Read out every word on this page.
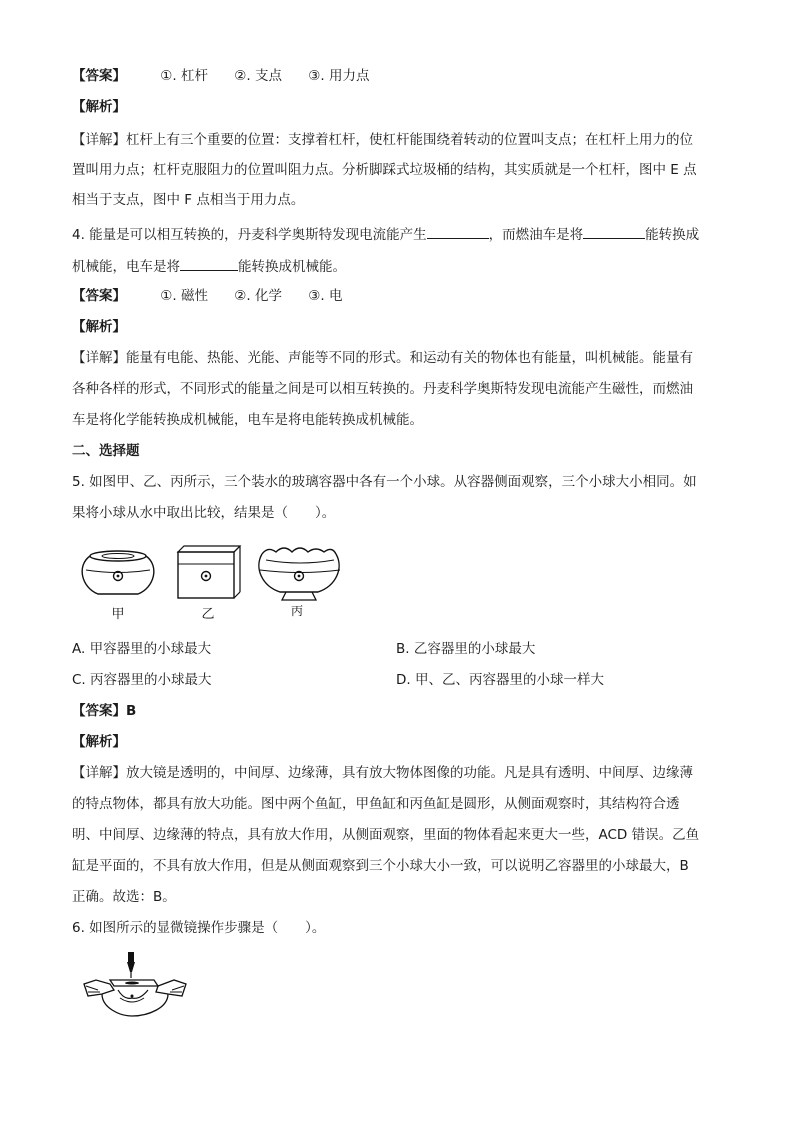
【答案】	①. 杠杆 ②. 支点 ③. 用力点
【解析】
【详解】杠杆上有三个重要的位置：支撑着杠杆，使杠杆能围绕着转动的位置叫支点；在杠杆上用力的位
置叫用力点；杠杆克服阻力的位置叫阻力点。分析脚踩式垃圾桶的结构，其实质就是一个杠杆，图中 E 点
相当于支点，图中 F 点相当于用力点。
4. 能量是可以相互转换的，丹麦科学奥斯特发现电流能产生	，而燃油车是将	能转换成
机械能，电车是将	能转换成机械能。
【答案】	①. 磁性 ②. 化学 ③. 电
【解析】
【详解】能量有电能、热能、光能、声能等不同的形式。和运动有关的物体也有能量，叫机械能。能量有
各种各样的形式，不同形式的能量之间是可以相互转换的。丹麦科学奥斯特发现电流能产生磁性，而燃油
车是将化学能转换成机械能，电车是将电能转换成机械能。
二、选择题
5. 如图甲、乙、丙所示，三个装水的玻璃容器中各有一个小球。从容器侧面观察，三个小球大小相同。如
果将小球从水中取出比较，结果是（　　）。
甲	乙	丙
A. 甲容器里的小球最大	B. 乙容器里的小球最大
C. 丙容器里的小球最大	D. 甲、乙、丙容器里的小球一样大
【答案】B
【解析】
【详解】放大镜是透明的，中间厚、边缘薄，具有放大物体图像的功能。凡是具有透明、中间厚、边缘薄
的特点物体，都具有放大功能。图中两个鱼缸，甲鱼缸和丙鱼缸是圆形，从侧面观察时，其结构符合透
明、中间厚、边缘薄的特点，具有放大作用，从侧面观察，里面的物体看起来更大一些，ACD 错误。乙鱼
缸是平面的，不具有放大作用，但是从侧面观察到三个小球大小一致，可以说明乙容器里的小球最大，B
正确。故选：B。
6. 如图所示的显微镜操作步骤是（　　）。
